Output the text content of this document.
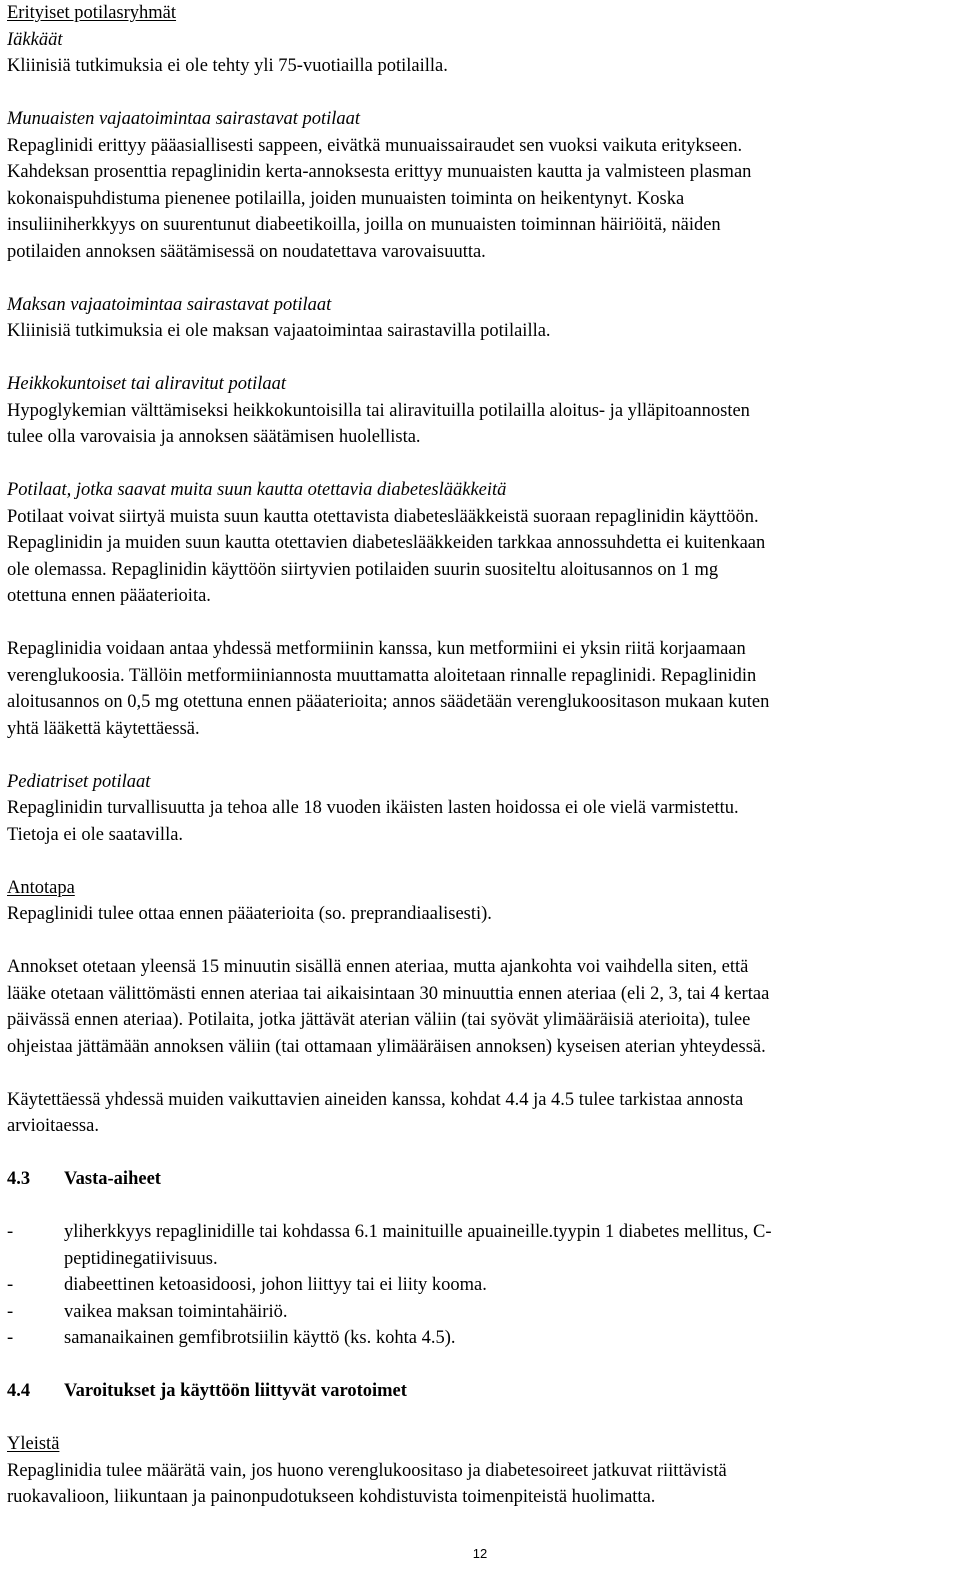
Erityiset potilasryhmät

Iäkkäät

Kliinisiä tutkimuksia ei ole tehty yli 75-vuotiailla potilailla.

Munuaisten vajaatoimintaa sairastavat potilaat

Repaglinidi erittyy pääasiallisesti sappeen, eivätkä munuaissairaudet sen vuoksi vaikuta eritykseen.

Kahdeksan prosenttia repaglinidin kerta-annoksesta erittyy munuaisten kautta ja valmisteen plasman

kokonaispuhdistuma pienenee potilailla, joiden munuaisten toiminta on heikentynyt. Koska

insuliiniherkkyys on suurentunut diabeetikoilla, joilla on munuaisten toiminnan häiriöitä, näiden

potilaiden annoksen säätämisessä on noudatettava varovaisuutta.

Maksan vajaatoimintaa sairastavat potilaat

Kliinisiä tutkimuksia ei ole maksan vajaatoimintaa sairastavilla potilailla.

Heikkokuntoiset tai aliravitut potilaat

Hypoglykemian välttämiseksi heikkokuntoisilla tai aliravituilla potilailla aloitus- ja ylläpitoannosten

tulee olla varovaisia ja annoksen säätämisen huolellista.

Potilaat, jotka saavat muita suun kautta otettavia diabeteslääkkeitä

Potilaat voivat siirtyä muista suun kautta otettavista diabeteslääkkeistä suoraan repaglinidin käyttöön.

Repaglinidin ja muiden suun kautta otettavien diabeteslääkkeiden tarkkaa annossuhdetta ei kuitenkaan

ole olemassa. Repaglinidin käyttöön siirtyvien potilaiden suurin suositeltu aloitusannos on 1 mg

otettuna ennen pääaterioita.

Repaglinidia voidaan antaa yhdessä metformiinin kanssa, kun metformiini ei yksin riitä korjaamaan

verenglukoosia. Tällöin metformiiniannosta muuttamatta aloitetaan rinnalle repaglinidi. Repaglinidin

aloitusannos on 0,5 mg otettuna ennen pääaterioita; annos säädetään verenglukoositason mukaan kuten

yhtä lääkettä käytettäessä.

Pediatriset potilaat

Repaglinidin turvallisuutta ja tehoa alle 18 vuoden ikäisten lasten hoidossa ei ole vielä varmistettu.

Tietoja ei ole saatavilla.

Antotapa

Repaglinidi tulee ottaa ennen pääaterioita (so. preprandiaalisesti).

Annokset otetaan yleensä 15 minuutin sisällä ennen ateriaa, mutta ajankohta voi vaihdella siten, että

lääke otetaan välittömästi ennen ateriaa tai aikaisintaan 30 minuuttia ennen ateriaa (eli 2, 3, tai 4 kertaa

päivässä ennen ateriaa). Potilaita, jotka jättävät aterian väliin (tai syövät ylimääräisiä aterioita), tulee

ohjeistaa jättämään annoksen väliin (tai ottamaan ylimääräisen annoksen) kyseisen aterian yhteydessä.

Käytettäessä yhdessä muiden vaikuttavien aineiden kanssa, kohdat 4.4 ja 4.5 tulee tarkistaa annosta

arvioitaessa.

4.3	Vasta-aiheet
-	yliherkkyys repaglinidille tai kohdassa 6.1 mainituille apuaineille.tyypin 1 diabetes mellitus, C-
peptidinegatiivisuus.
-	diabeettinen ketoasidoosi, johon liittyy tai ei liity kooma.
-	vaikea maksan toimintahäiriö.
-	samanaikainen gemfibrotsiilin käyttö (ks. kohta 4.5).
4.4	Varoitukset ja käyttöön liittyvät varotoimet

Yleistä

Repaglinidia tulee määrätä vain, jos huono verenglukoositaso ja diabetesoireet jatkuvat riittävistä

ruokavalioon, liikuntaan ja painonpudotukseen kohdistuvista toimenpiteistä huolimatta.

12
